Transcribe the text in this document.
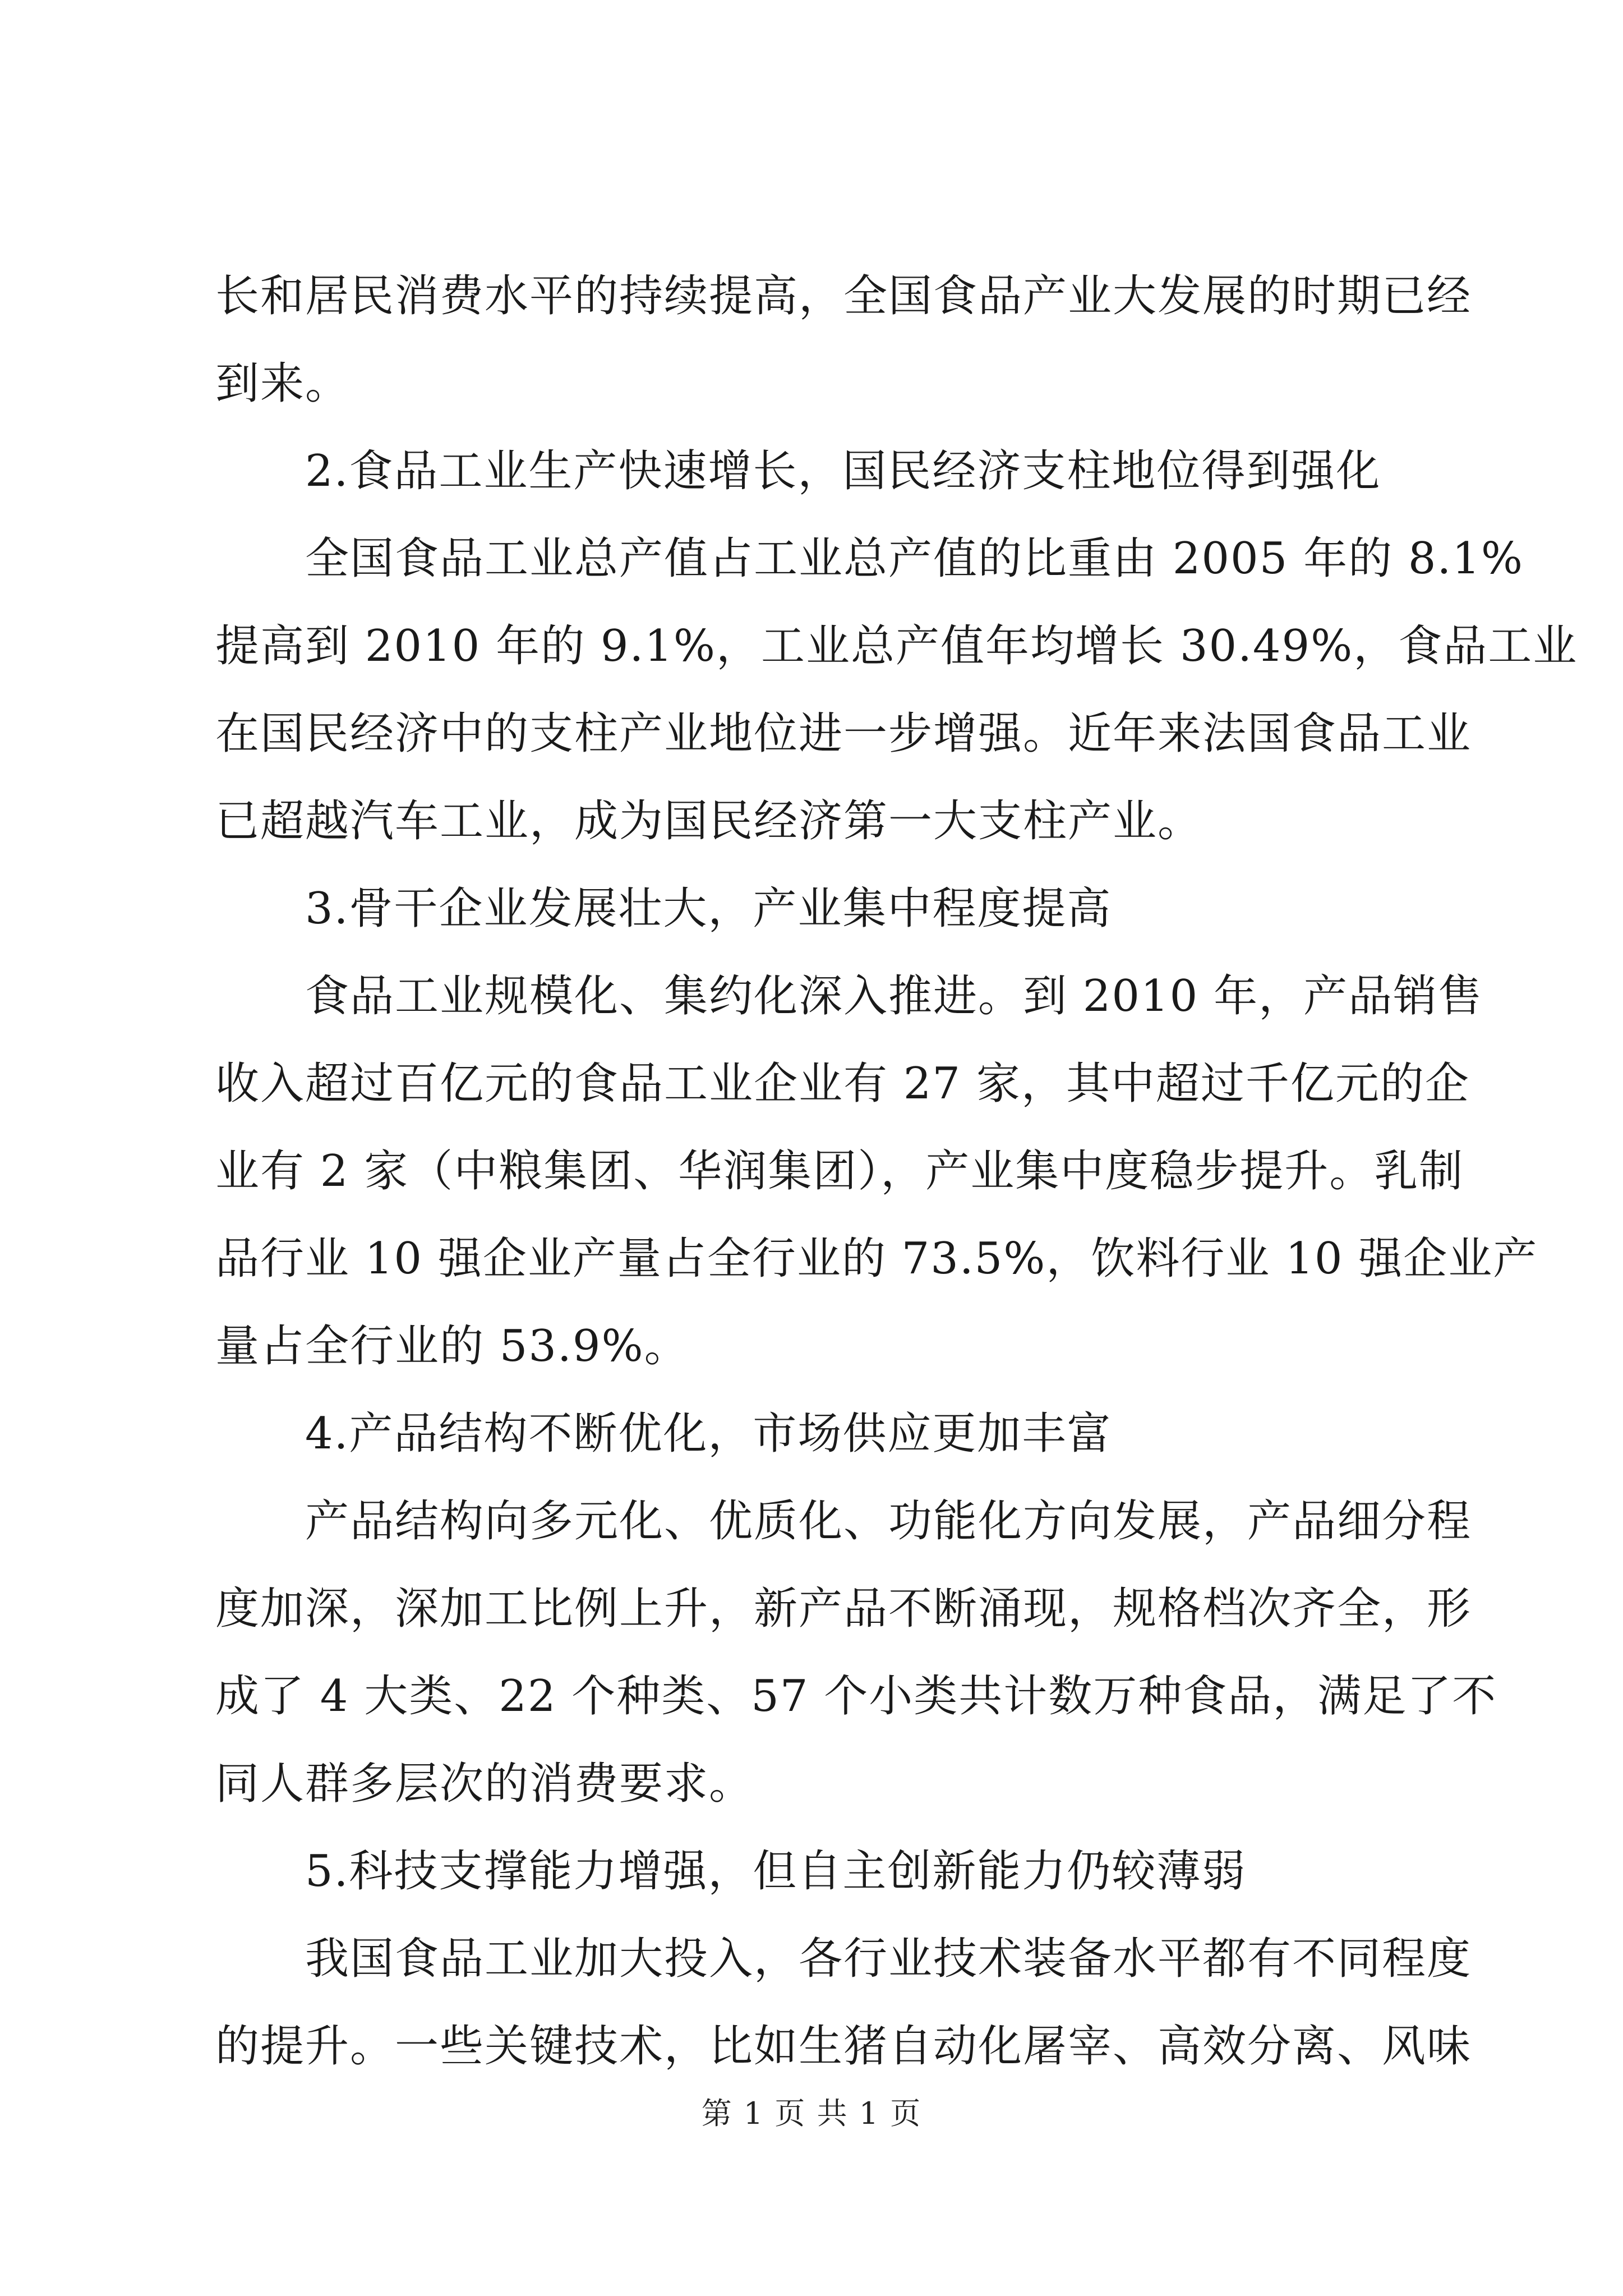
长和居民消费水平的持续提高，全国食品产业大发展的时期已经
到来。
2.食品工业生产快速增长，国民经济支柱地位得到强化
全国食品工业总产值占工业总产值的比重由 2005 年的 8.1%
提高到 2010 年的 9.1%，工业总产值年均增长 30.49%，食品工业
在国民经济中的支柱产业地位进一步增强。近年来法国食品工业
已超越汽车工业，成为国民经济第一大支柱产业。
3.骨干企业发展壮大，产业集中程度提高
食品工业规模化、集约化深入推进。到 2010 年，产品销售
收入超过百亿元的食品工业企业有 27 家，其中超过千亿元的企
业有 2 家（中粮集团、华润集团），产业集中度稳步提升。乳制
品行业 10 强企业产量占全行业的 73.5%，饮料行业 10 强企业产
量占全行业的 53.9%。
4.产品结构不断优化，市场供应更加丰富
产品结构向多元化、优质化、功能化方向发展，产品细分程
度加深，深加工比例上升，新产品不断涌现，规格档次齐全，形
成了 4 大类、22 个种类、57 个小类共计数万种食品，满足了不
同人群多层次的消费要求。
5.科技支撑能力增强，但自主创新能力仍较薄弱
我国食品工业加大投入，各行业技术装备水平都有不同程度
的提升。一些关键技术，比如生猪自动化屠宰、高效分离、风味
第 1 页 共 1 页
